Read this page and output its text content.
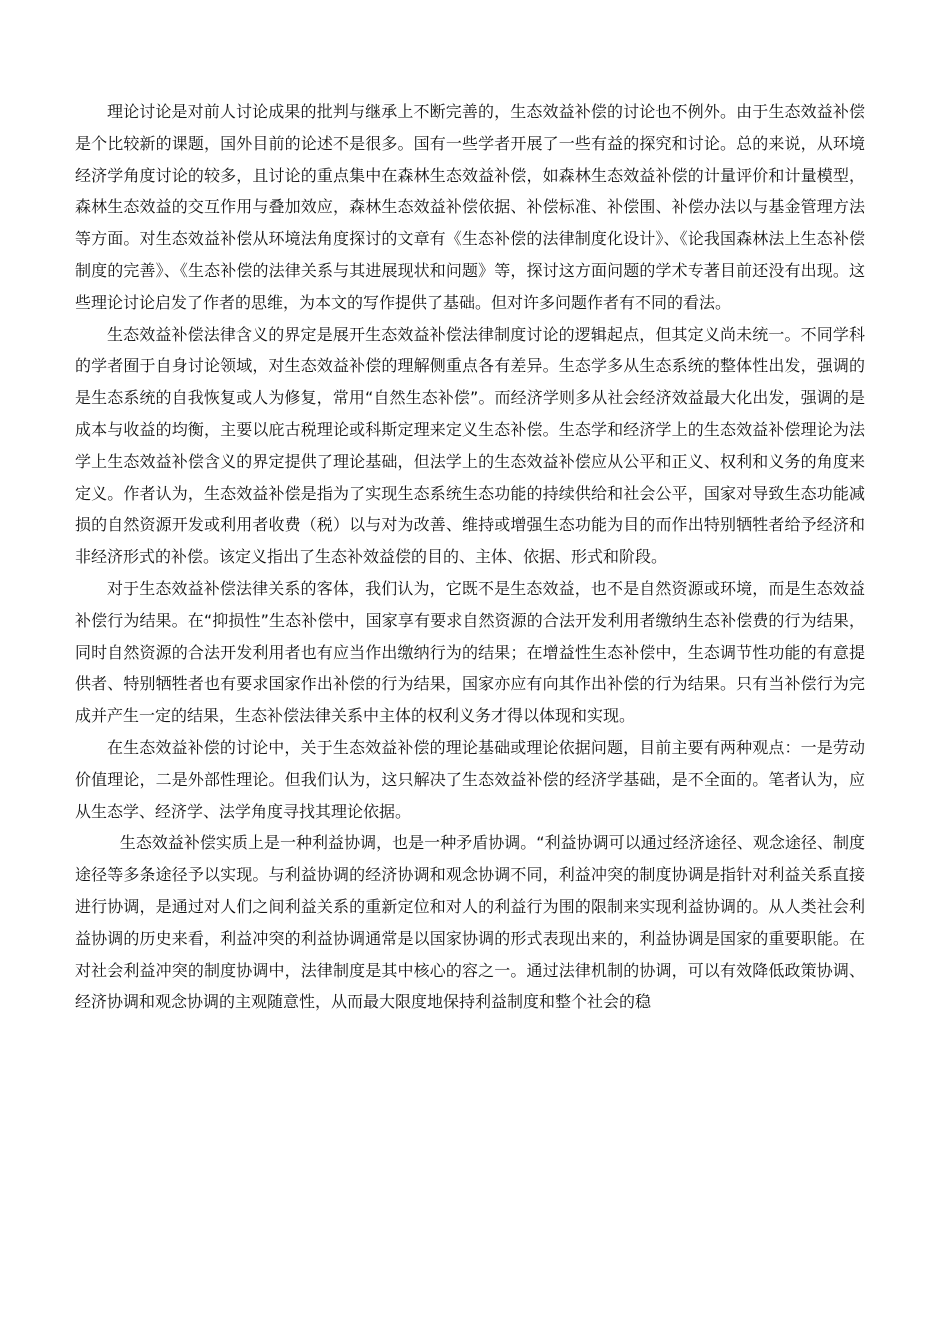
理论讨论是对前人讨论成果的批判与继承上不断完善的，生态效益补偿的讨论也不例外。由于生态效益补偿是个比较新的课题，国外目前的论述不是很多。国有一些学者开展了一些有益的探究和讨论。总的来说，从环境经济学角度讨论的较多，且讨论的重点集中在森林生态效益补偿，如森林生态效益补偿的计量评价和计量模型，森林生态效益的交互作用与叠加效应，森林生态效益补偿依据、补偿标准、补偿围、补偿办法以与基金管理方法等方面。对生态效益补偿从环境法角度探讨的文章有《生态补偿的法律制度化设计》、《论我国森林法上生态补偿制度的完善》、《生态补偿的法律关系与其进展现状和问题》等，探讨这方面问题的学术专著目前还没有出现。这些理论讨论启发了作者的思维，为本文的写作提供了基础。但对许多问题作者有不同的看法。

生态效益补偿法律含义的界定是展开生态效益补偿法律制度讨论的逻辑起点，但其定义尚未统一。不同学科的学者囿于自身讨论领域，对生态效益补偿的理解侧重点各有差异。生态学多从生态系统的整体性出发，强调的是生态系统的自我恢复或人为修复，常用“自然生态补偿”。而经济学则多从社会经济效益最大化出发，强调的是成本与收益的均衡，主要以庇古税理论或科斯定理来定义生态补偿。生态学和经济学上的生态效益补偿理论为法学上生态效益补偿含义的界定提供了理论基础，但法学上的生态效益补偿应从公平和正义、权利和义务的角度来定义。作者认为，生态效益补偿是指为了实现生态系统生态功能的持续供给和社会公平，国家对导致生态功能减损的自然资源开发或利用者收费（税）以与对为改善、维持或增强生态功能为目的而作出特别牺牲者给予经济和非经济形式的补偿。该定义指出了生态补效益偿的目的、主体、依据、形式和阶段。

对于生态效益补偿法律关系的客体，我们认为，它既不是生态效益，也不是自然资源或环境，而是生态效益补偿行为结果。在“抑损性”生态补偿中，国家享有要求自然资源的合法开发利用者缴纳生态补偿费的行为结果，同时自然资源的合法开发利用者也有应当作出缴纳行为的结果；在增益性生态补偿中，生态调节性功能的有意提供者、特别牺牲者也有要求国家作出补偿的行为结果，国家亦应有向其作出补偿的行为结果。只有当补偿行为完成并产生一定的结果，生态补偿法律关系中主体的权利义务才得以体现和实现。

在生态效益补偿的讨论中，关于生态效益补偿的理论基础或理论依据问题，目前主要有两种观点：一是劳动价值理论，二是外部性理论。但我们认为，这只解决了生态效益补偿的经济学基础，是不全面的。笔者认为，应从生态学、经济学、法学角度寻找其理论依据。

生态效益补偿实质上是一种利益协调，也是一种矛盾协调。“利益协调可以通过经济途径、观念途径、制度途径等多条途径予以实现。与利益协调的经济协调和观念协调不同，利益冲突的制度协调是指针对利益关系直接进行协调，是通过对人们之间利益关系的重新定位和对人的利益行为围的限制来实现利益协调的。从人类社会利益协调的历史来看，利益冲突的利益协调通常是以国家协调的形式表现出来的，利益协调是国家的重要职能。在对社会利益冲突的制度协调中，法律制度是其中核心的容之一。通过法律机制的协调，可以有效降低政策协调、经济协调和观念协调的主观随意性，从而最大限度地保持利益制度和整个社会的稳
